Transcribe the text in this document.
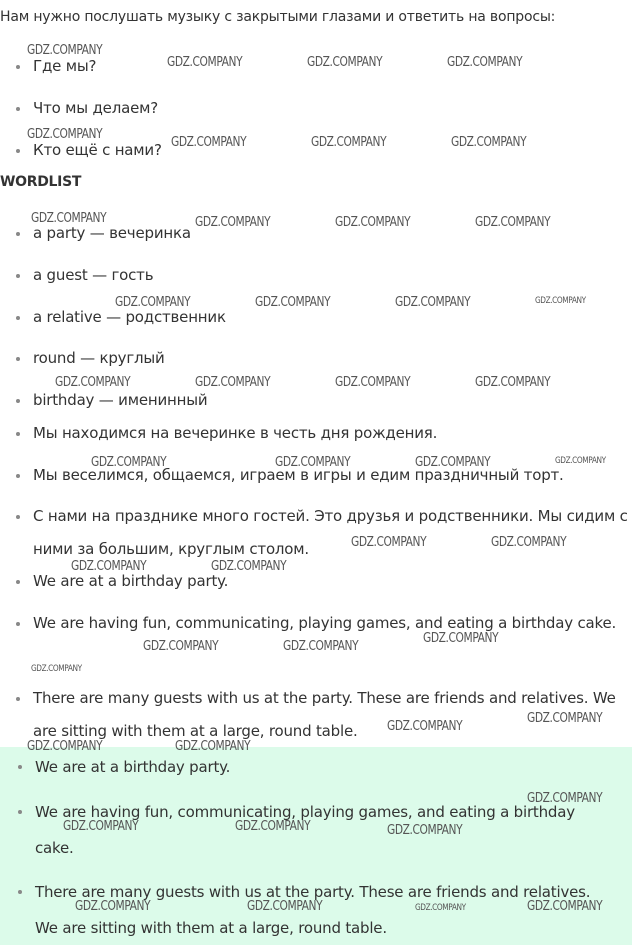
Нам нужно послушать музыку с закрытыми глазами и ответить на вопросы:

Где мы?
Что мы делаем?
Кто ещё с нами?
WORDLIST
a party — вечеринка
a guest — гость
a relative — родственник
round — круглый
birthday — именинный
Мы находимся на вечеринке в честь дня рождения.
Мы веселимся, общаемся, играем в игры и едим праздничный торт.
С нами на празднике много гостей. Это друзья и родственники. Мы сидим с ними за большим, круглым столом.
We are at a birthday party.
We are having fun, communicating, playing games, and eating a birthday cake.
There are many guests with us at the party. These are friends and relatives. We are sitting with them at a large, round table.
We are at a birthday party.
We are having fun, communicating, playing games, and eating a birthday cake.
There are many guests with us at the party. These are friends and relatives. We are sitting with them at a large, round table.
GDZ.COMPANY
GDZ.COMPANY	GDZ.COMPANY	GDZ.COMPANY
GDZ.COMPANY
GDZ.COMPANY	GDZ.COMPANY	GDZ.COMPANY
GDZ.COMPANY	GDZ.COMPANY	GDZ.COMPANY	GDZ.COMPANY
GDZ.COMPANY	GDZ.COMPANY	GDZ.COMPANY	GDZ.COMPANY
GDZ.COMPANY	GDZ.COMPANY	GDZ.COMPANY	GDZ.COMPANY
GDZ.COMPANY	GDZ.COMPANY	GDZ.COMPANY	GDZ.COMPANY
GDZ.COMPANY	GDZ.COMPANY
GDZ.COMPANY	GDZ.COMPANY
GDZ.COMPANY
GDZ.COMPANY	GDZ.COMPANY
GDZ.COMPANY
GDZ.COMPANY
GDZ.COMPANY
GDZ.COMPANY	GDZ.COMPANY
GDZ.COMPANY
GDZ.COMPANY	GDZ.COMPANY	GDZ.COMPANY
GDZ.COMPANY	GDZ.COMPANY	GDZ.COMPANY	GDZ.COMPANY
